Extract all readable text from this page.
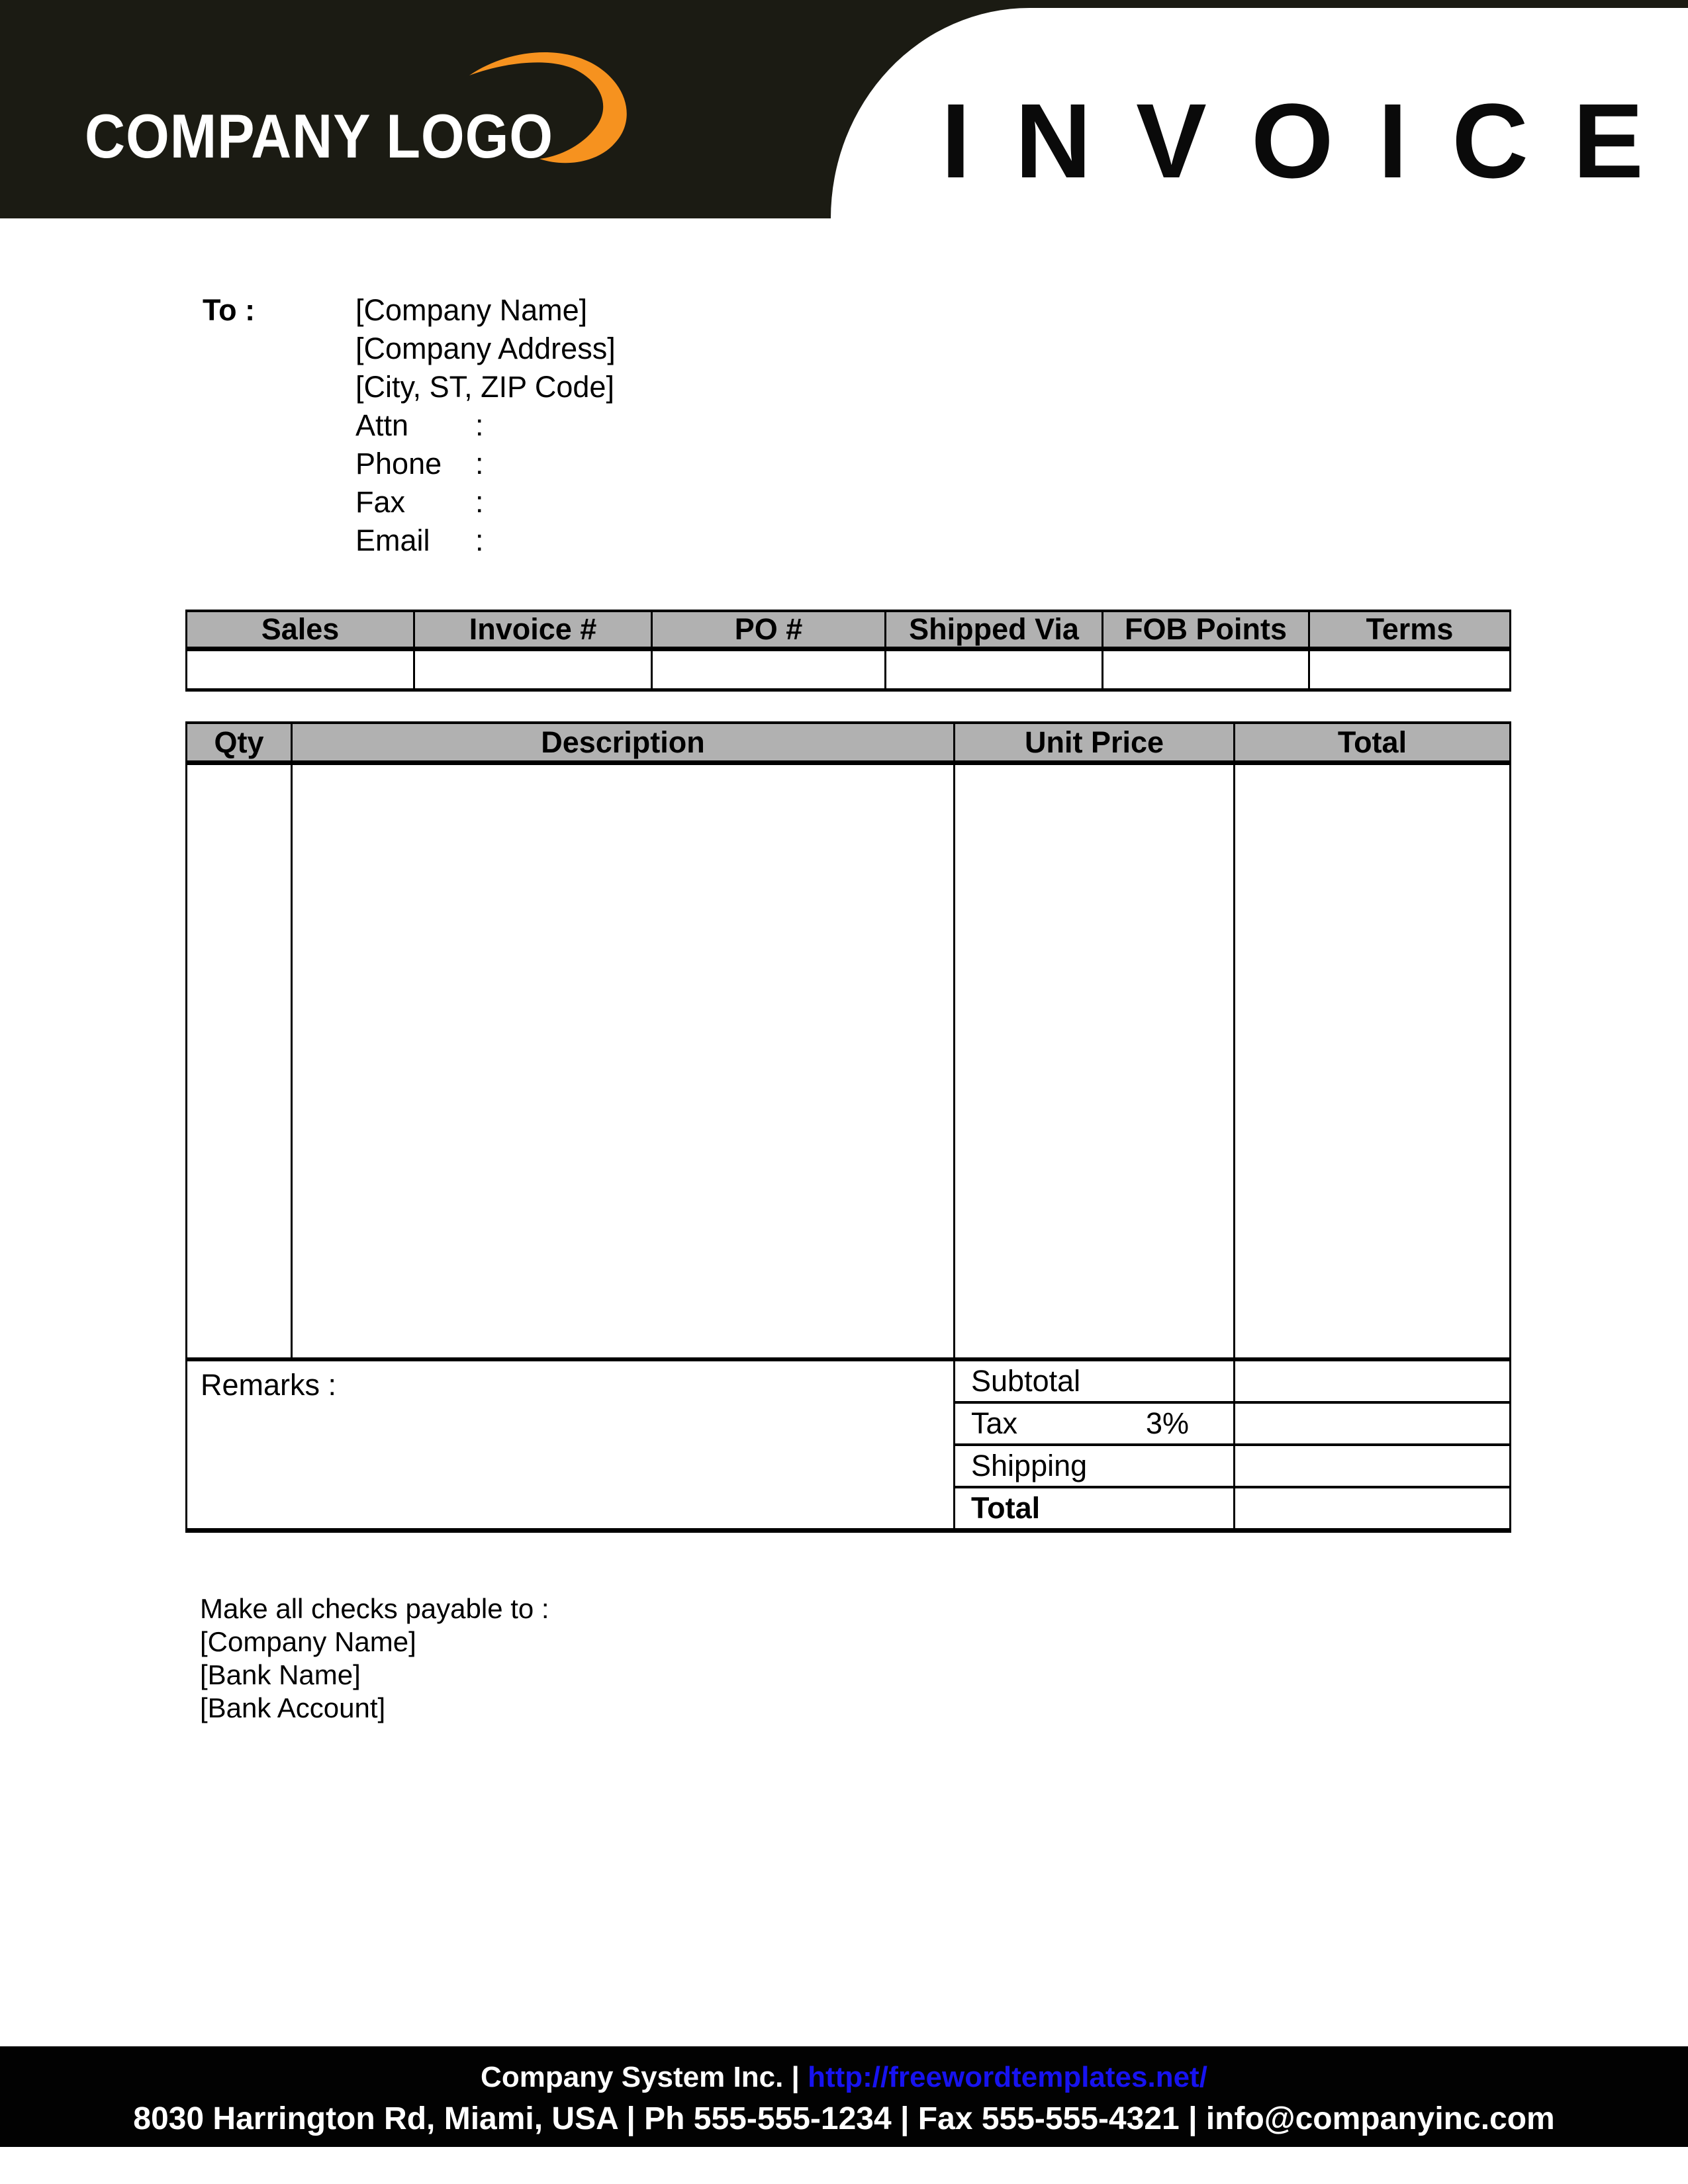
COMPANY LOGO	INVOICE
To :	[Company Name]
[Company Address]
[City, ST, ZIP Code]
Attn	:
Phone	:
Fax	:
Email	:
Sales	Invoice #	PO #	Shipped Via	FOB Points	Terms

Qty	Description	Unit Price	Total

Remarks :		Subtotal	
		Tax 3%	

		Shipping	
		Total	
Make all checks payable to :
[Company Name]
[Bank Name]
[Bank Account]
Company System Inc. | http://freewordtemplates.net/
8030 Harrington Rd, Miami, USA | Ph 555-555-1234 | Fax 555-555-4321 | info@companyinc.com
